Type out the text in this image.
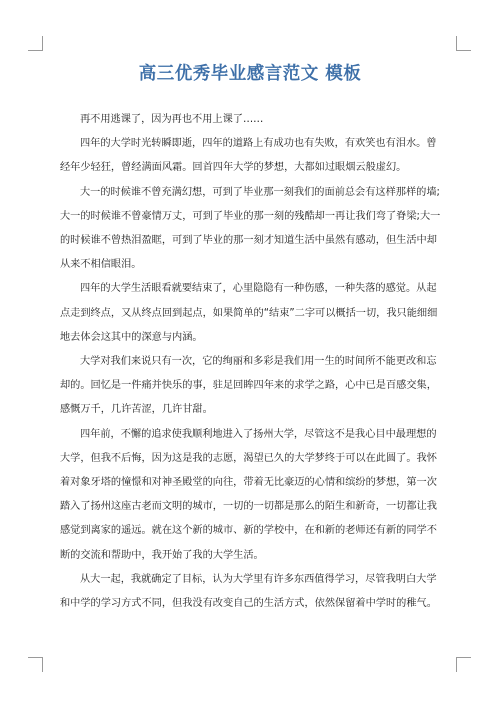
高三优秀毕业感言范文 模板

再不用逃课了，因为再也不用上课了……

四年的大学时光转瞬即逝，四年的道路上有成功也有失败，有欢笑也有泪水。曾
经年少轻狂，曾经满面风霜。回首四年大学的梦想，大都如过眼烟云般虚幻。

大一的时候谁不曾充满幻想，可到了毕业那一刻我们的面前总会有这样那样的墙;
大一的时候谁不曾豪情万丈，可到了毕业的那一刻的残酷却一再让我们弯了脊梁;大一
的时候谁不曾热泪盈眶，可到了毕业的那一刻才知道生活中虽然有感动，但生活中却
从来不相信眼泪。

四年的大学生活眼看就要结束了，心里隐隐有一种伤感，一种失落的感觉。从起
点走到终点，又从终点回到起点，如果简单的“结束”二字可以概括一切，我只能细细
地去体会这其中的深意与内涵。

大学对我们来说只有一次，它的绚丽和多彩是我们用一生的时间所不能更改和忘
却的。回忆是一件痛并快乐的事，驻足回眸四年来的求学之路，心中已是百感交集，
感慨万千，几许苦涩，几许甘甜。

四年前，不懈的追求使我顺利地进入了扬州大学，尽管这不是我心目中最理想的
大学，但我不后悔，因为这是我的志愿，渴望已久的大学梦终于可以在此圆了。我怀
着对象牙塔的憧憬和对神圣殿堂的向往，带着无比豪迈的心情和缤纷的梦想，第一次
踏入了扬州这座古老而文明的城市，一切的一切都是那么的陌生和新奇，一切都让我
感觉到离家的遥远。就在这个新的城市、新的学校中，在和新的老师还有新的同学不
断的交流和帮助中，我开始了我的大学生活。

从大一起，我就确定了目标，认为大学里有许多东西值得学习，尽管我明白大学
和中学的学习方式不同，但我没有改变自己的生活方式，依然保留着中学时的稚气。
